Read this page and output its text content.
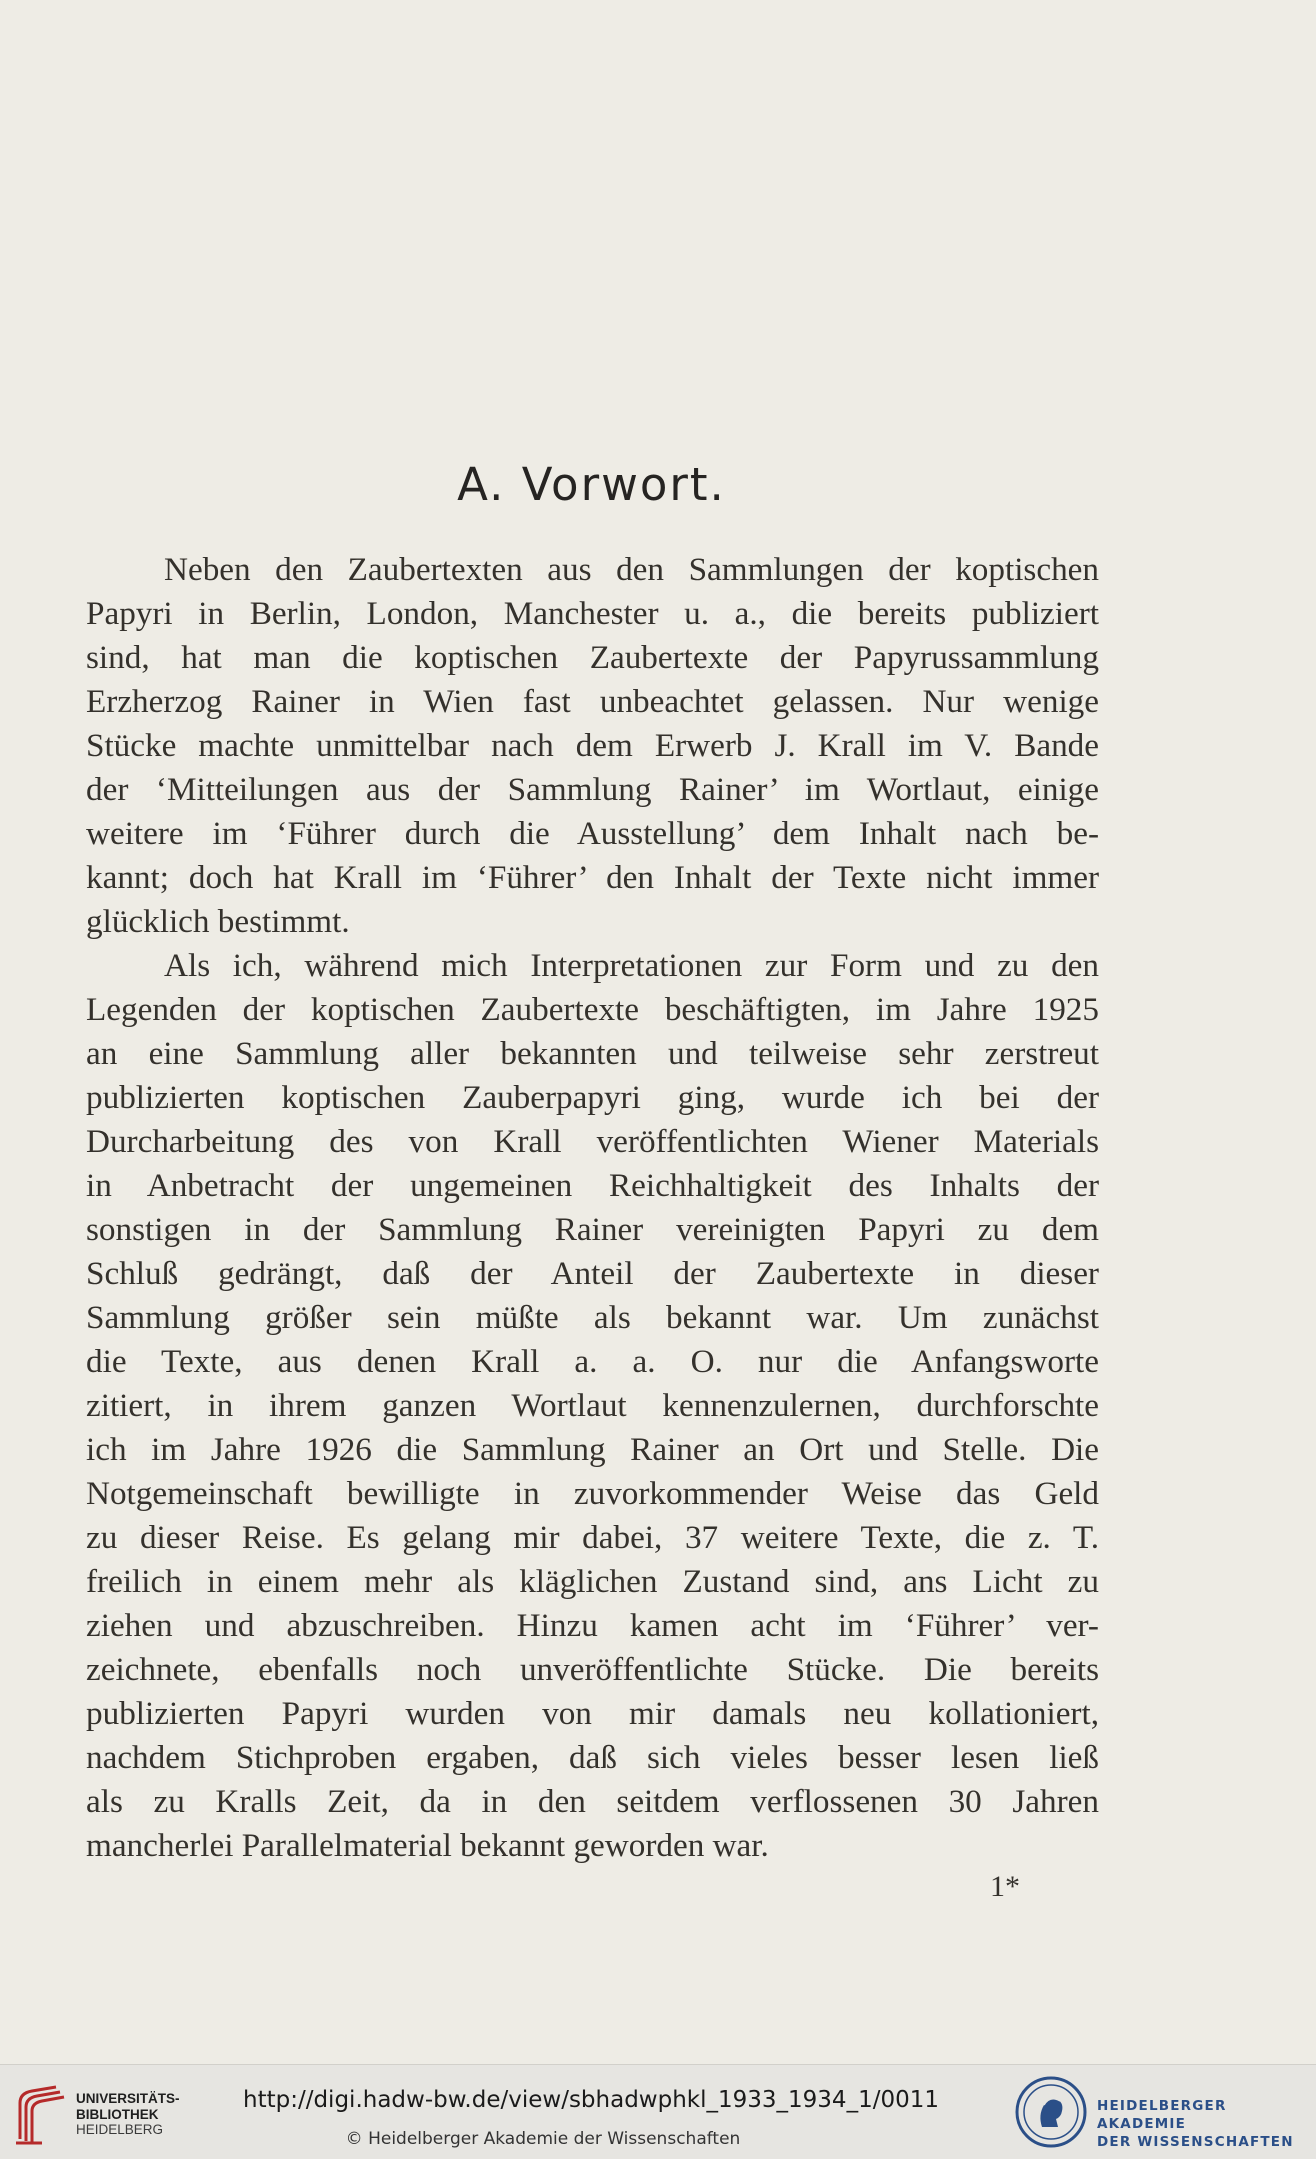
A. Vorwort.
Neben den Zaubertexten aus den Sammlungen der koptischen
Papyri in Berlin, London, Manchester u. a., die bereits publiziert
sind, hat man die koptischen Zaubertexte der Papyrussammlung
Erzherzog Rainer in Wien fast unbeachtet gelassen. Nur wenige
Stücke machte unmittelbar nach dem Erwerb J. Krall im V. Bande
der ‘Mitteilungen aus der Sammlung Rainer’ im Wortlaut, einige
weitere im ‘Führer durch die Ausstellung’ dem Inhalt nach be-
kannt; doch hat Krall im ‘Führer’ den Inhalt der Texte nicht immer
glücklich bestimmt.
Als ich, während mich Interpretationen zur Form und zu den
Legenden der koptischen Zaubertexte beschäftigten, im Jahre 1925
an eine Sammlung aller bekannten und teilweise sehr zerstreut
publizierten koptischen Zauberpapyri ging, wurde ich bei der
Durcharbeitung des von Krall veröffentlichten Wiener Materials
in Anbetracht der ungemeinen Reichhaltigkeit des Inhalts der
sonstigen in der Sammlung Rainer vereinigten Papyri zu dem
Schluß gedrängt, daß der Anteil der Zaubertexte in dieser
Sammlung größer sein müßte als bekannt war. Um zunächst
die Texte, aus denen Krall a. a. O. nur die Anfangsworte
zitiert, in ihrem ganzen Wortlaut kennenzulernen, durchforschte
ich im Jahre 1926 die Sammlung Rainer an Ort und Stelle. Die
Notgemeinschaft bewilligte in zuvorkommender Weise das Geld
zu dieser Reise. Es gelang mir dabei, 37 weitere Texte, die z. T.
freilich in einem mehr als kläglichen Zustand sind, ans Licht zu
ziehen und abzuschreiben. Hinzu kamen acht im ‘Führer’ ver-
zeichnete, ebenfalls noch unveröffentlichte Stücke. Die bereits
publizierten Papyri wurden von mir damals neu kollationiert,
nachdem Stichproben ergaben, daß sich vieles besser lesen ließ
als zu Kralls Zeit, da in den seitdem verflossenen 30 Jahren
mancherlei Parallelmaterial bekannt geworden war.
1*
UNIVERSITÄTS-
BIBLIOTHEK
HEIDELBERG
http://digi.hadw-bw.de/view/sbhadwphkl_1933_1934_1/0011
© Heidelberger Akademie der Wissenschaften
HEIDELBERGER AKADEMIE
DER WISSENSCHAFTEN
